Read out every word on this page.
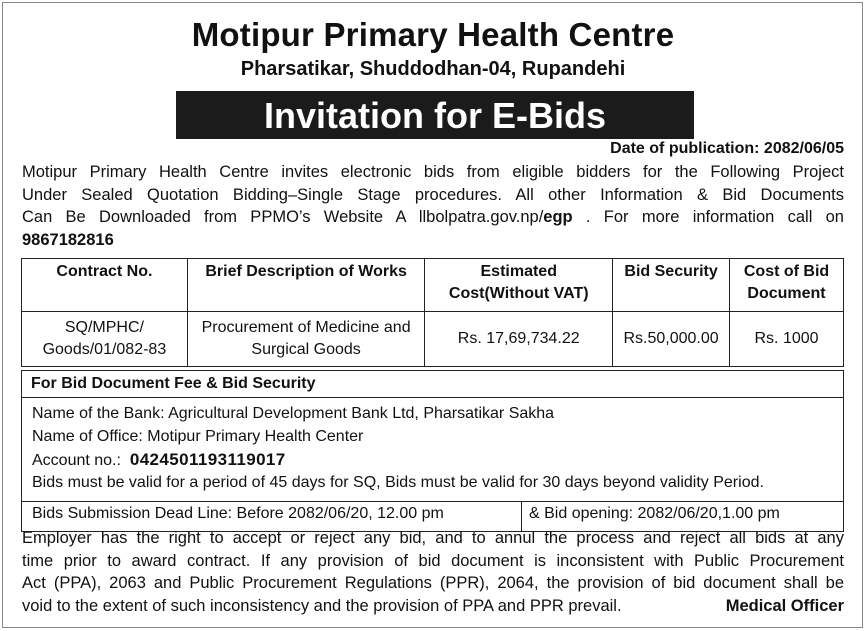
Motipur Primary Health Centre
Pharsatikar, Shuddodhan-04, Rupandehi
Invitation for E-Bids
Date of publication: 2082/06/05
Motipur Primary Health Centre invites electronic bids from eligible bidders for the Following Project
Under Sealed Quotation Bidding–Single Stage procedures. All other Information & Bid Documents
Can Be Downloaded from PPMO’s Website A llbolpatra.gov.np/egp . For more information call on
9867182816
Contract No.	Brief Description of Works	Estimated Cost(Without VAT)	Bid Security	Cost of Bid Document
SQ/MPHC/ Goods/01/082-83	Procurement of Medicine and Surgical Goods	Rs. 17,69,734.22	Rs.50,000.00	Rs. 1000
For Bid Document Fee & Bid Security
Name of the Bank: Agricultural Development Bank Ltd, Pharsatikar Sakha
Name of Office: Motipur Primary Health Center
Account no.: 0424501193119017
Bids must be valid for a period of 45 days for SQ, Bids must be valid for 30 days beyond validity Period.
Bids Submission Dead Line: Before 2082/06/20, 12.00 pm	& Bid opening: 2082/06/20,1.00 pm
Employer has the right to accept or reject any bid, and to annul the process and reject all bids at any
time prior to award contract. If any provision of bid document is inconsistent with Public Procurement
Act (PPA), 2063 and Public Procurement Regulations (PPR), 2064, the provision of bid document shall be
void to the extent of such inconsistency and the provision of PPA and PPR prevail.	Medical Officer
